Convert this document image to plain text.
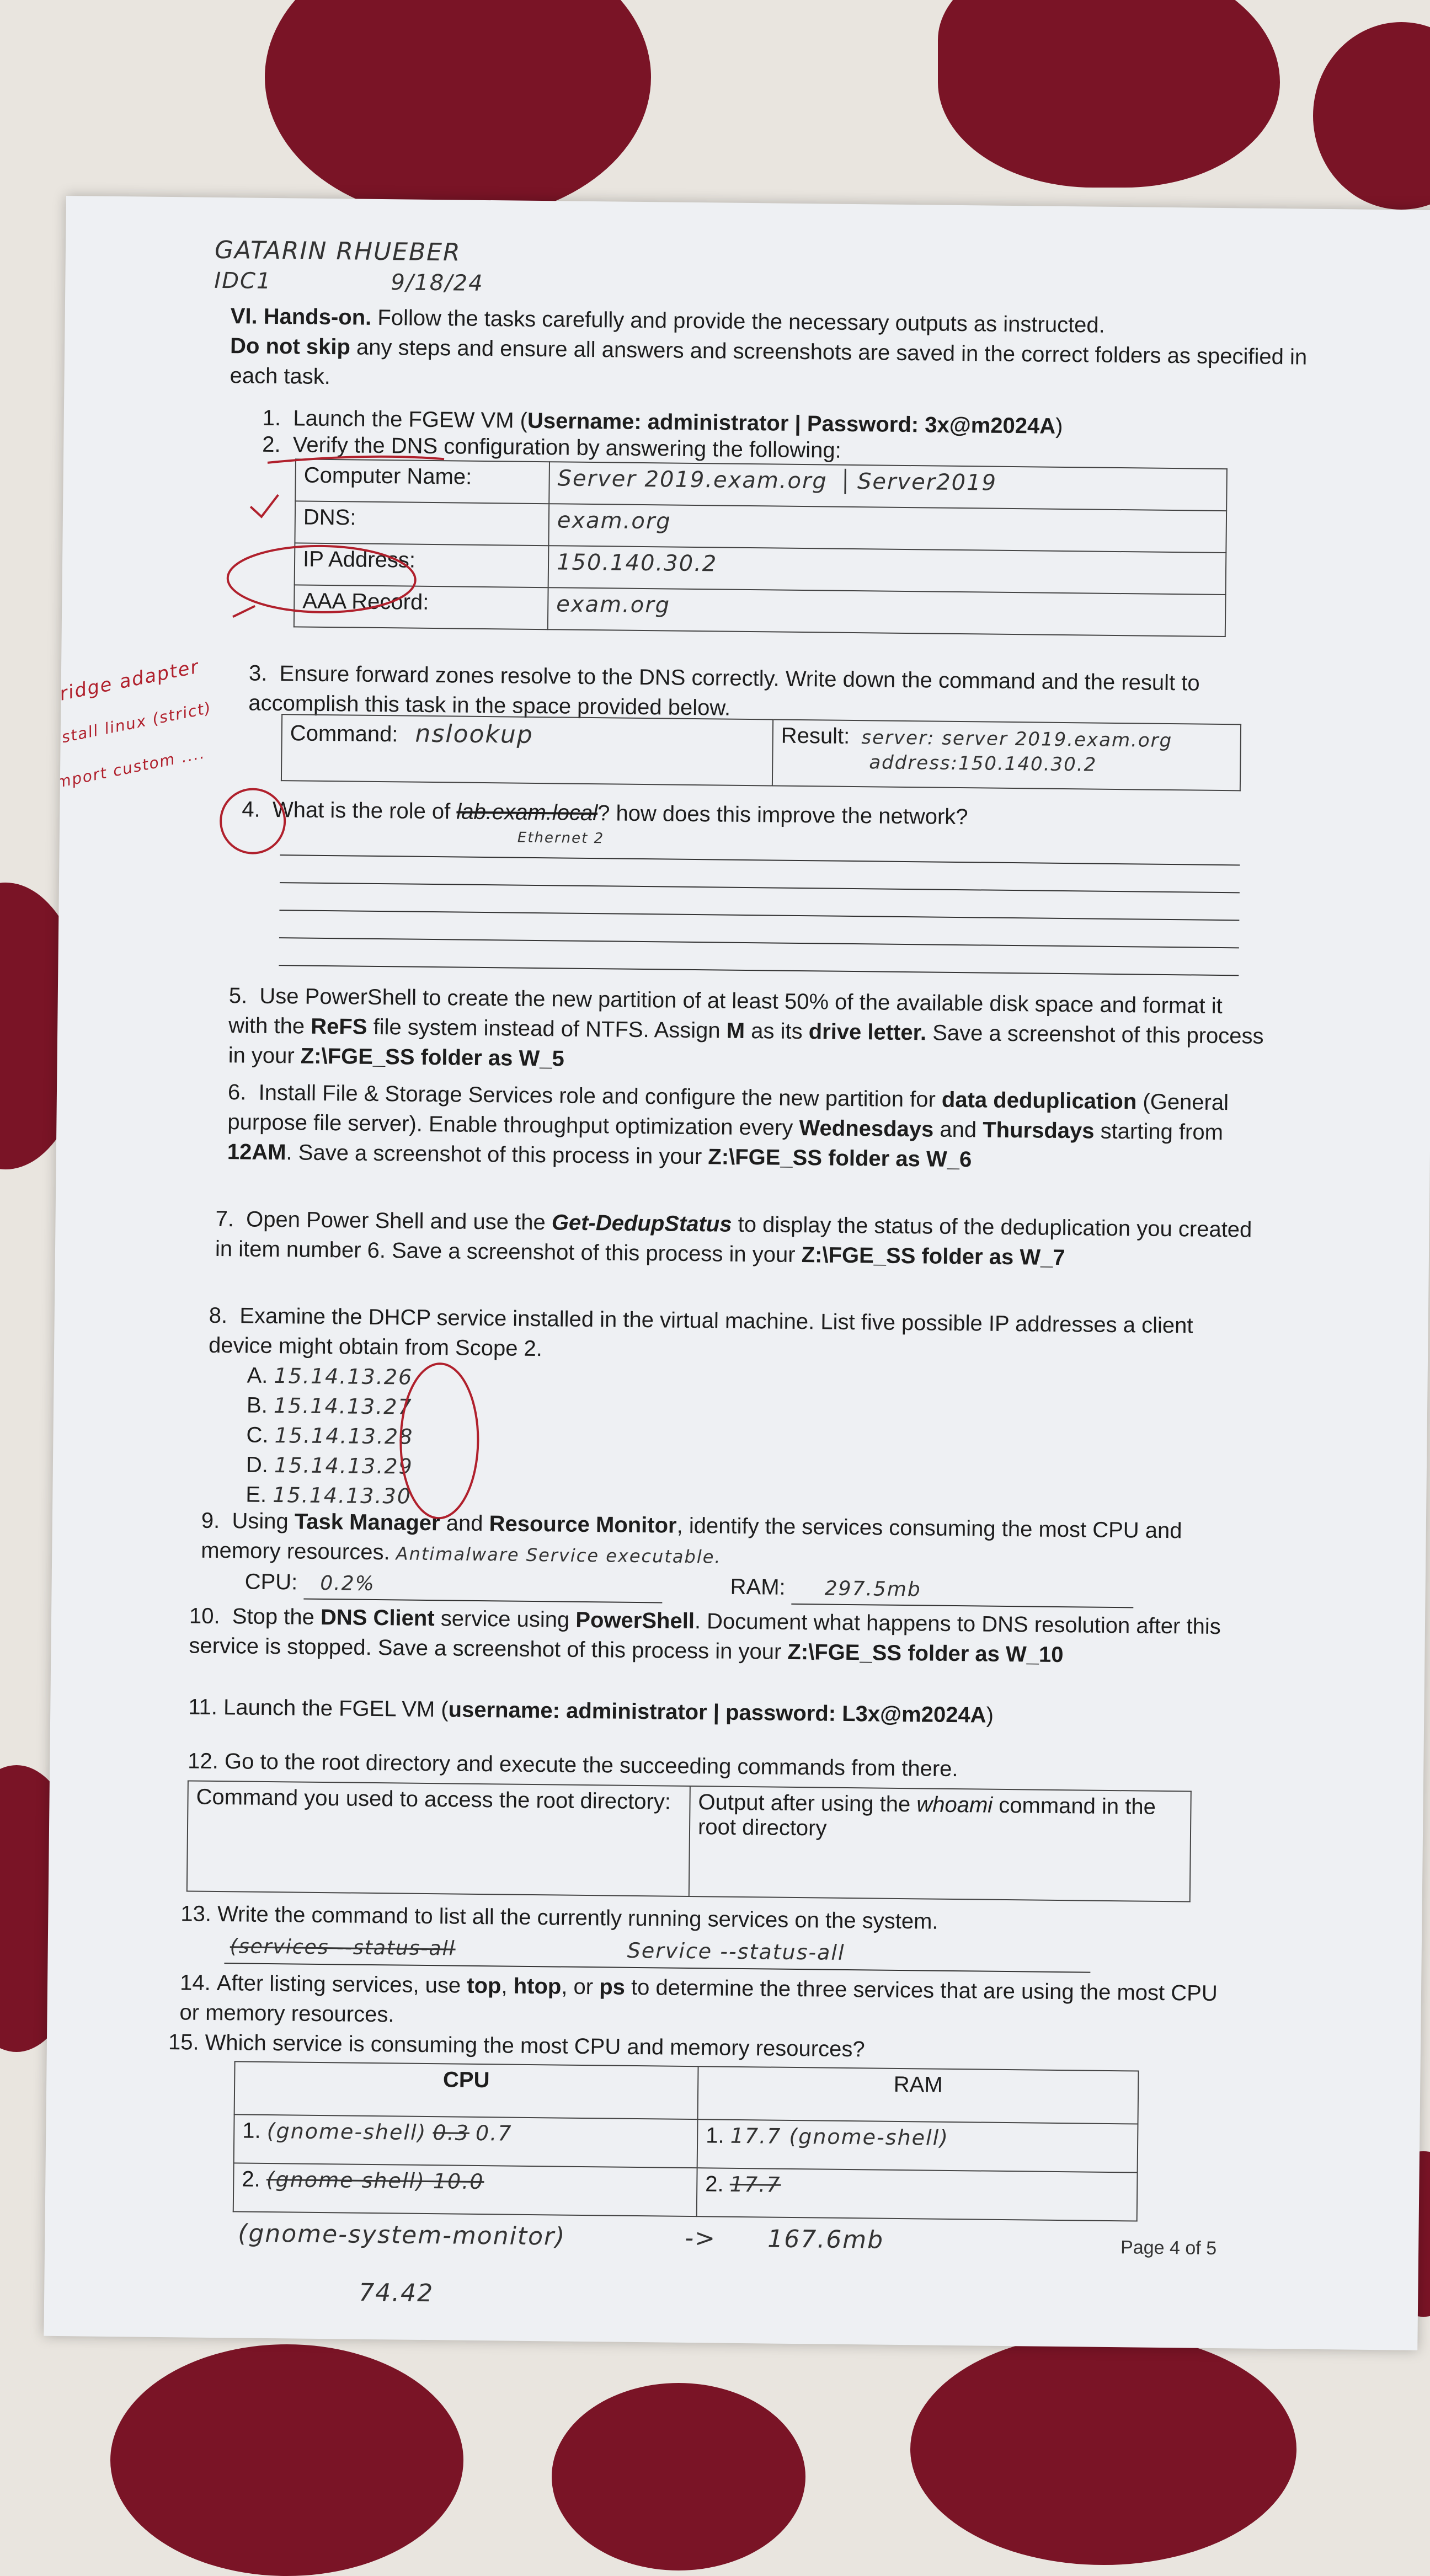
GATARIN RHUEBER
IDC1	9/18/24
VI. Hands-on. Follow the tasks carefully and provide the necessary outputs as instructed.
Do not skip any steps and ensure all answers and screenshots are saved in the correct folders as specified in each task.
1. Launch the FGEW VM (Username: administrator | Password: 3x@m2024A)
2. Verify the DNS configuration by answering the following:
Computer Name:	Server 2019.exam.org Server2019
DNS:	exam.org
IP Address:	150.140.30.2
AAA Record:	exam.org
Bridge adapter
install linux (strict)
import custom ....
3. Ensure forward zones resolve to the DNS correctly. Write down the command and the result to accomplish this task in the space provided below.
Command: nslookup	Result: server: server 2019.exam.org
address:150.140.30.2
4. What is the role of lab.exam.local? how does this improve the network?
Ethernet 2
5. Use PowerShell to create the new partition of at least 50% of the available disk space and format it with the ReFS file system instead of NTFS. Assign M as its drive letter. Save a screenshot of this process in your Z:\FGE_SS folder as W_5
6. Install File & Storage Services role and configure the new partition for data deduplication (General purpose file server). Enable throughput optimization every Wednesdays and Thursdays starting from 12AM. Save a screenshot of this process in your Z:\FGE_SS folder as W_6
7. Open Power Shell and use the Get-DedupStatus to display the status of the deduplication you created in item number 6. Save a screenshot of this process in your Z:\FGE_SS folder as W_7
8. Examine the DHCP service installed in the virtual machine. List five possible IP addresses a client device might obtain from Scope 2.
A. 15.14.13.26
B. 15.14.13.27
C. 15.14.13.28
D. 15.14.13.29
E. 15.14.13.30
9. Using Task Manager and Resource Monitor, identify the services consuming the most CPU and memory resources. Antimalware Service executable.
CPU: 0.2%	RAM: 297.5mb
10. Stop the DNS Client service using PowerShell. Document what happens to DNS resolution after this service is stopped. Save a screenshot of this process in your Z:\FGE_SS folder as W_10
11. Launch the FGEL VM (username: administrator | password: L3x@m2024A)
12. Go to the root directory and execute the succeeding commands from there.
Command you used to access the root directory:	Output after using the whoami command in the root directory
13. Write the command to list all the currently running services on the system.
(services --status-all	Service --status-all
14. After listing services, use top, htop, or ps to determine the three services that are using the most CPU or memory resources.
15. Which service is consuming the most CPU and memory resources?
CPU	RAM
1. (gnome-shell) 0.3 0.7	1. 17.7 (gnome-shell)
2. (gnome shell) 10.0	2. 17.7
(gnome-system-monitor)	-> 167.6mb
74.42
Page 4 of 5
